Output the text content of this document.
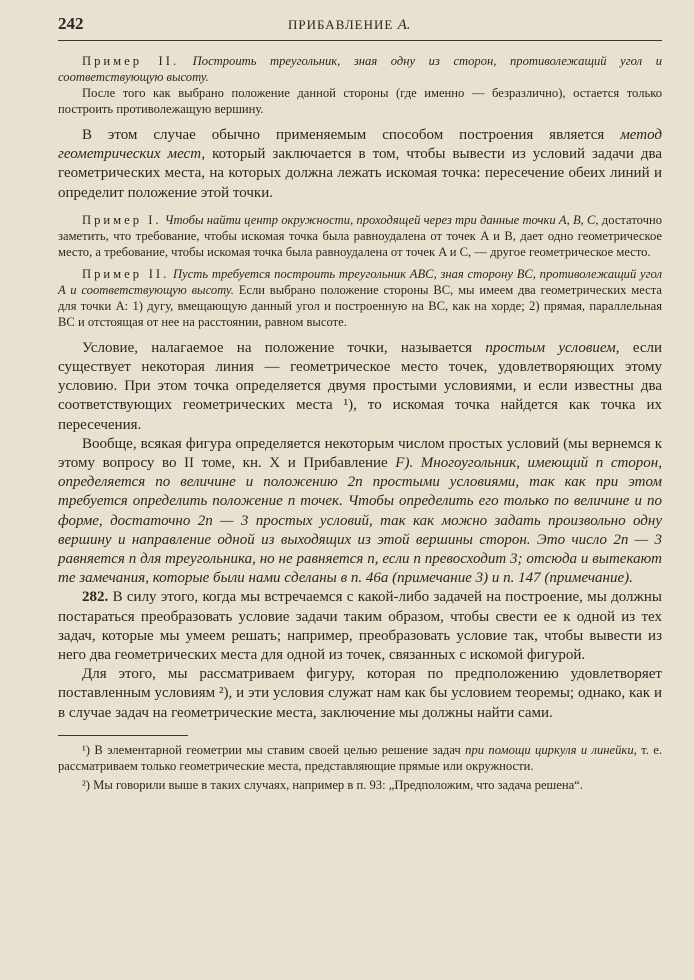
242	ПРИБАВЛЕНИЕ A.

Пример II. Построить треугольник, зная одну из сторон, противолежащий угол и соответствующую высоту.

После того как выбрано положение данной стороны (где именно — безразлично), остается только построить противолежащую вершину.

В этом случае обычно применяемым способом построения является метод геометрических мест, который заключается в том, чтобы вывести из условий задачи два геометрических места, на которых должна лежать искомая точка: пересечение обеих линий и определит положение этой точки.

Пример I. Чтобы найти центр окружности, проходящей через три данные точки A, B, C, достаточно заметить, что требование, чтобы искомая точка была равноудалена от точек A и B, дает одно геометрическое место, а требование, чтобы искомая точка была равноудалена от точек A и C, — другое геометрическое место.

Пример II. Пусть требуется построить треугольник ABC, зная сторону BC, противолежащий угол A и соответствующую высоту. Если выбрано положение стороны BC, мы имеем два геометрических места для точки A: 1) дугу, вмещающую данный угол и построенную на BC, как на хорде; 2) прямая, параллельная BC и отстоящая от нее на расстоянии, равном высоте.

Условие, налагаемое на положение точки, называется простым условием, если существует некоторая линия — геометрическое место точек, удовлетворяющих этому условию. При этом точка определяется двумя простыми условиями, и если известны два соответствующих геометрических места ¹), то искомая точка найдется как точка их пересечения.

Вообще, всякая фигура определяется некоторым числом простых условий (мы вернемся к этому вопросу во II томе, кн. X и Прибавление F). Многоугольник, имеющий n сторон, определяется по величине и положению 2n простыми условиями, так как при этом требуется определить положение n точек. Чтобы определить его только по величине и по форме, достаточно 2n — 3 простых условий, так как можно задать произвольно одну вершину и направление одной из выходящих из этой вершины сторон. Это число 2n — 3 равняется n для треугольника, но не равняется n, если n превосходит 3; отсюда и вытекают те замечания, которые были нами сделаны в п. 46а (примечание 3) и п. 147 (примечание).

282. В силу этого, когда мы встречаемся с какой-либо задачей на построение, мы должны постараться преобразовать условие задачи таким образом, чтобы свести ее к одной из тех задач, которые мы умеем решать; например, преобразовать условие так, чтобы вывести из него два геометрических места для одной из точек, связанных с искомой фигурой.

Для этого, мы рассматриваем фигуру, которая по предположению удовлетворяет поставленным условиям ²), и эти условия служат нам как бы условием теоремы; однако, как и в случае задач на геометрические места, заключение мы должны найти сами.

¹) В элементарной геометрии мы ставим своей целью решение задач при помощи циркуля и линейки, т. е. рассматриваем только геометрические места, представляющие прямые или окружности.

²) Мы говорили выше в таких случаях, например в п. 93: „Предположим, что задача решена“.
